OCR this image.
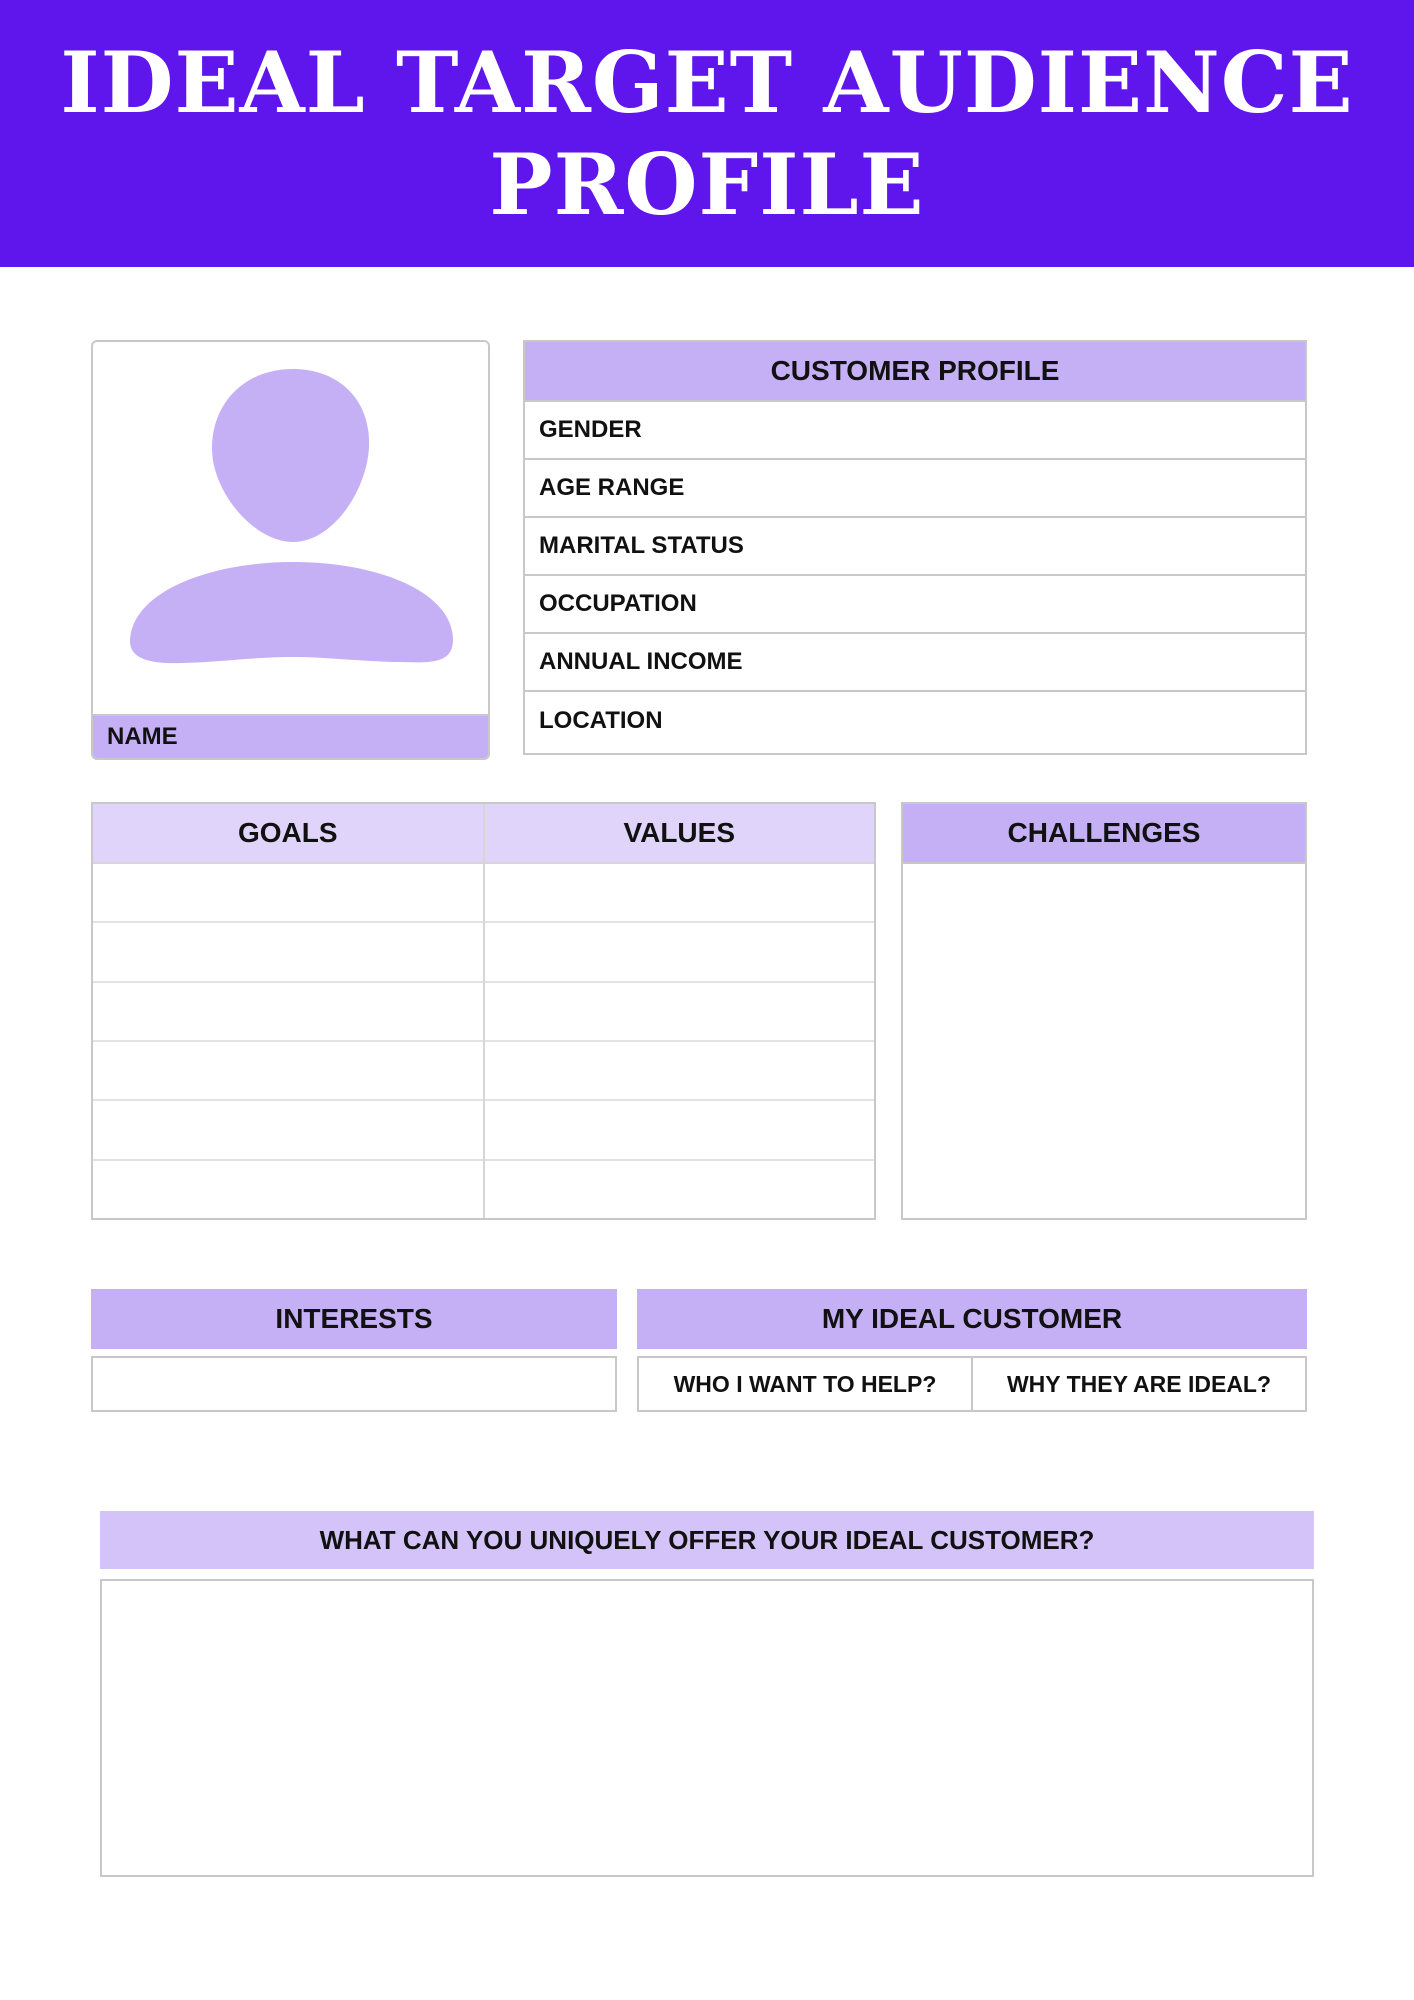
IDEAL TARGET AUDIENCE PROFILE
NAME
CUSTOMER PROFILE
GENDER
AGE RANGE
MARITAL STATUS
OCCUPATION
ANNUAL INCOME
LOCATION
GOALS	VALUES	CHALLENGES
INTERESTS	MY IDEAL CUSTOMER
WHO I WANT TO HELP?	WHY THEY ARE IDEAL?
WHAT CAN YOU UNIQUELY OFFER YOUR IDEAL CUSTOMER?
